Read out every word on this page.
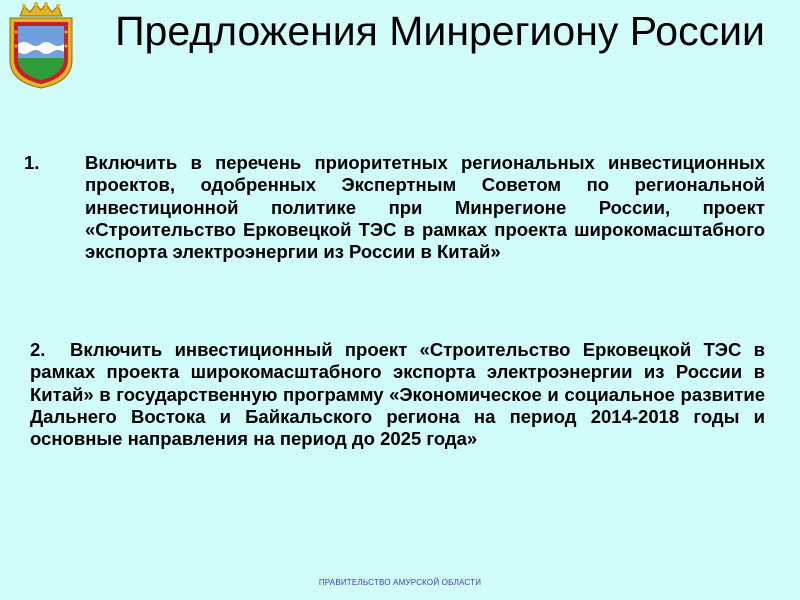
Предложения Минрегиону России
1. Включить в перечень приоритетных региональных инвестиционных проектов, одобренных Экспертным Советом по региональной инвестиционной политике при Минрегионе России, проект «Строительство Ерковецкой ТЭС в рамках проекта широкомасштабного экспорта электроэнергии из России в Китай»

2. Включить инвестиционный проект «Строительство Ерковецкой ТЭС в рамках проекта широкомасштабного экспорта электроэнергии из России в Китай» в государственную программу «Экономическое и социальное развитие Дальнего Востока и Байкальского региона на период 2014-2018 годы и основные направления на период до 2025 года»

ПРАВИТЕЛЬСТВО АМУРСКОЙ ОБЛАСТИ
